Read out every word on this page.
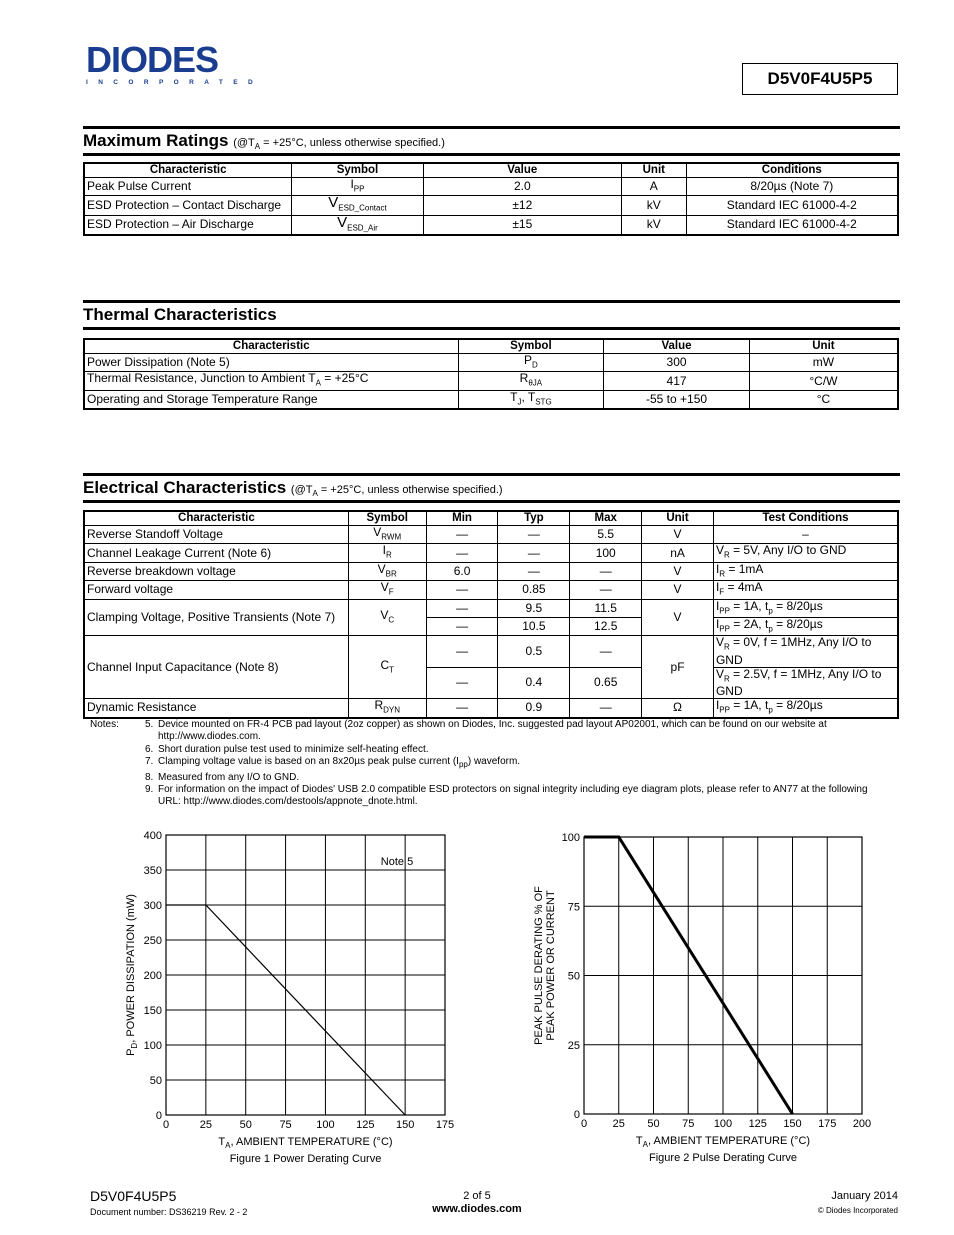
DIODES
INCORPORATED	D5V0F4U5P5
Maximum Ratings ($@T_A = +25^\circ C$, unless otherwise specified.)
Characteristic	Symbol	Value	Unit	Conditions
Peak Pulse Current	$I_{PP}$	2.0	A	8/20µs (Note 7)
ESD Protection – Contact Discharge	$V_{ESD\_Contact}$	±12	kV	Standard IEC 61000-4-2
ESD Protection – Air Discharge	$V_{ESD\_Air}$	±15	kV	Standard IEC 61000-4-2
Thermal Characteristics
Characteristic	Symbol	Value	Unit
Power Dissipation (Note 5)	$P_D$	300	mW
Thermal Resistance, Junction to Ambient $T_A = +25^\circ C$	$R_{\theta JA}$	417	°C/W
Operating and Storage Temperature Range	$T_J$, $T_{STG}$	-55 to +150	°C
Electrical Characteristics ($@T_A = +25^\circ C$, unless otherwise specified.)
Characteristic	Symbol	Min	Typ	Max	Unit	Test Conditions
Reverse Standoff Voltage	$V_{RWM}$	—	—	5.5	V	–
Channel Leakage Current (Note 6)	$I_R$	—	—	100	nA	$V_R = 5V$, Any I/O to GND
Reverse breakdown voltage	$V_{BR}$	6.0	—	—	V	$I_R = 1mA$
Forward voltage	$V_F$	—	0.85	—	V	$I_F = 4mA$
Clamping Voltage, Positive Transients (Note 7)	$V_C$	—	9.5	11.5	V	$I_{PP} = 1A$, $t_p = 8/20\mu s$
		—	10.5	12.5		$I_{PP} = 2A$, $t_p = 8/20\mu s$
Channel Input Capacitance (Note 8)	$C_T$	—	0.5	—	pF	$V_R = 0V$, f = 1MHz, Any I/O to GND
		—	0.4	0.65		$V_R = 2.5V$, f = 1MHz, Any I/O to GND
Dynamic Resistance	$R_{DYN}$	—	0.9	—	Ω	$I_{PP} = 1A$, $t_p = 8/20\mu s$
Notes:	5. Device mounted on FR-4 PCB pad layout (2oz copper) as shown on Diodes, Inc. suggested pad layout AP02001, which can be found on our website at http://www.diodes.com.
6. Short duration pulse test used to minimize self-heating effect.
7. Clamping voltage value is based on an 8x20µs peak pulse current $(I_{pp})$ waveform.
8. Measured from any I/O to GND.
9. For information on the impact of Diodes' USB 2.0 compatible ESD protectors on signal integrity including eye diagram plots, please refer to AN77 at the following URL: http://www.diodes.com/destools/appnote_dnote.html.
0	25	50	75 100 125 150 175
0
50
100
150
200
250
300
350
400
$T_A$, AMBIENT TEMPERATURE (°C)
Figure 1 Power Derating Curve
Note 5
$P_D$, POWER DISSIPATION (mW)
0 25 50 75 100 125 150 175 200
0
25
50
75
100
$T_A$, AMBIENT TEMPERATURE (°C)
Figure 2 Pulse Derating Curve
PEAK PULSE DERATING % OF PEAK POWER OR CURRENT
D5V0F4U5P5
Document number: DS36219 Rev. 2 - 2
2 of 5
www.diodes.com
January 2014
© Diodes Incorporated
